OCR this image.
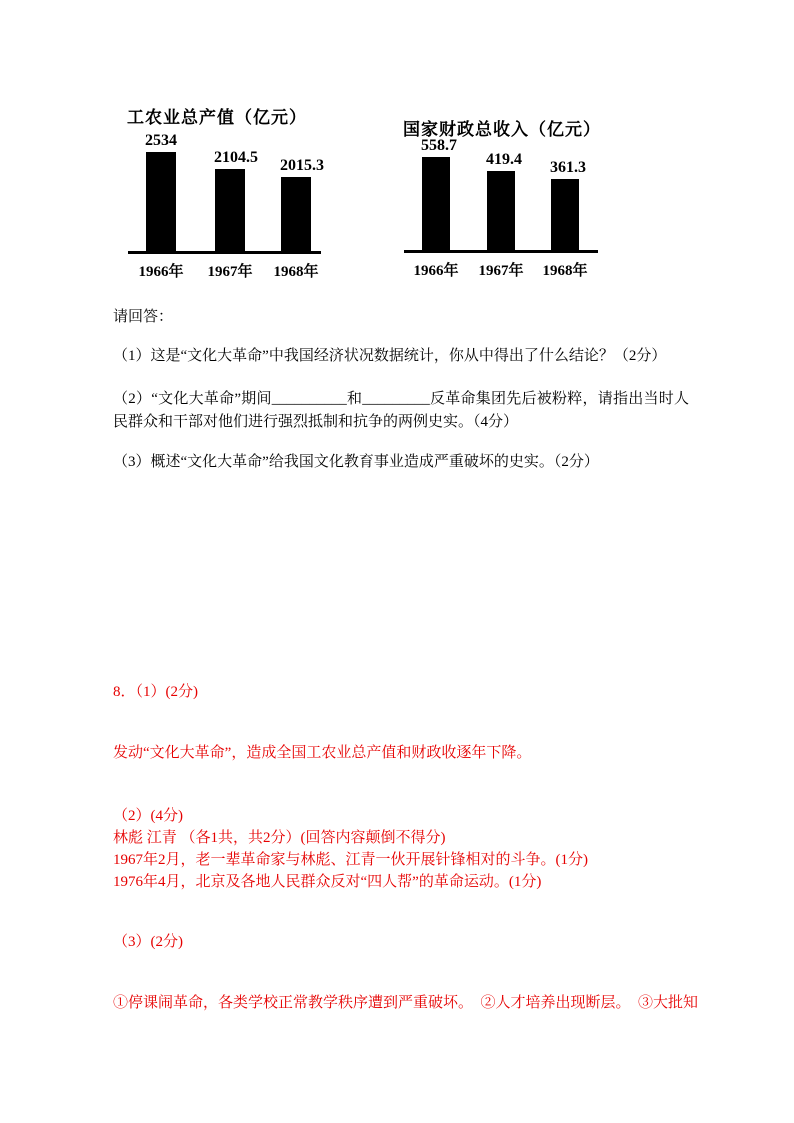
工农业总产值（亿元）
1966年 1967年 1968年
2534
2104.5 2015.3
国家财政总收入（亿元）
1966年 1967年 1968年
558.7
419.4 361.3

请回答：

（1）这是“文化大革命”中我国经济状况数据统计，你从中得出了什么结论？（2分）

（2）“文化大革命”期间__________和_________反革命集团先后被粉粹，请指出当时人民群众和干部对他们进行强烈抵制和抗争的两例史实。（4分）

（3）概述“文化大革命”给我国文化教育事业造成严重破坏的史实。（2分）

8．（1）(2分)

发动“文化大革命”，造成全国工农业总产值和财政收逐年下降。

（2）(4分)
林彪 江青 （各1共，共2分）(回答内容颠倒不得分)
1967年2月，老一辈革命家与林彪、江青一伙开展针锋相对的斗争。(1分)
1976年4月，北京及各地人民群众反对“四人帮”的革命运动。(1分)

（3）(2分)

①停课闹革命，各类学校正常教学秩序遭到严重破坏。　②人才培养出现断层。　③大批知
